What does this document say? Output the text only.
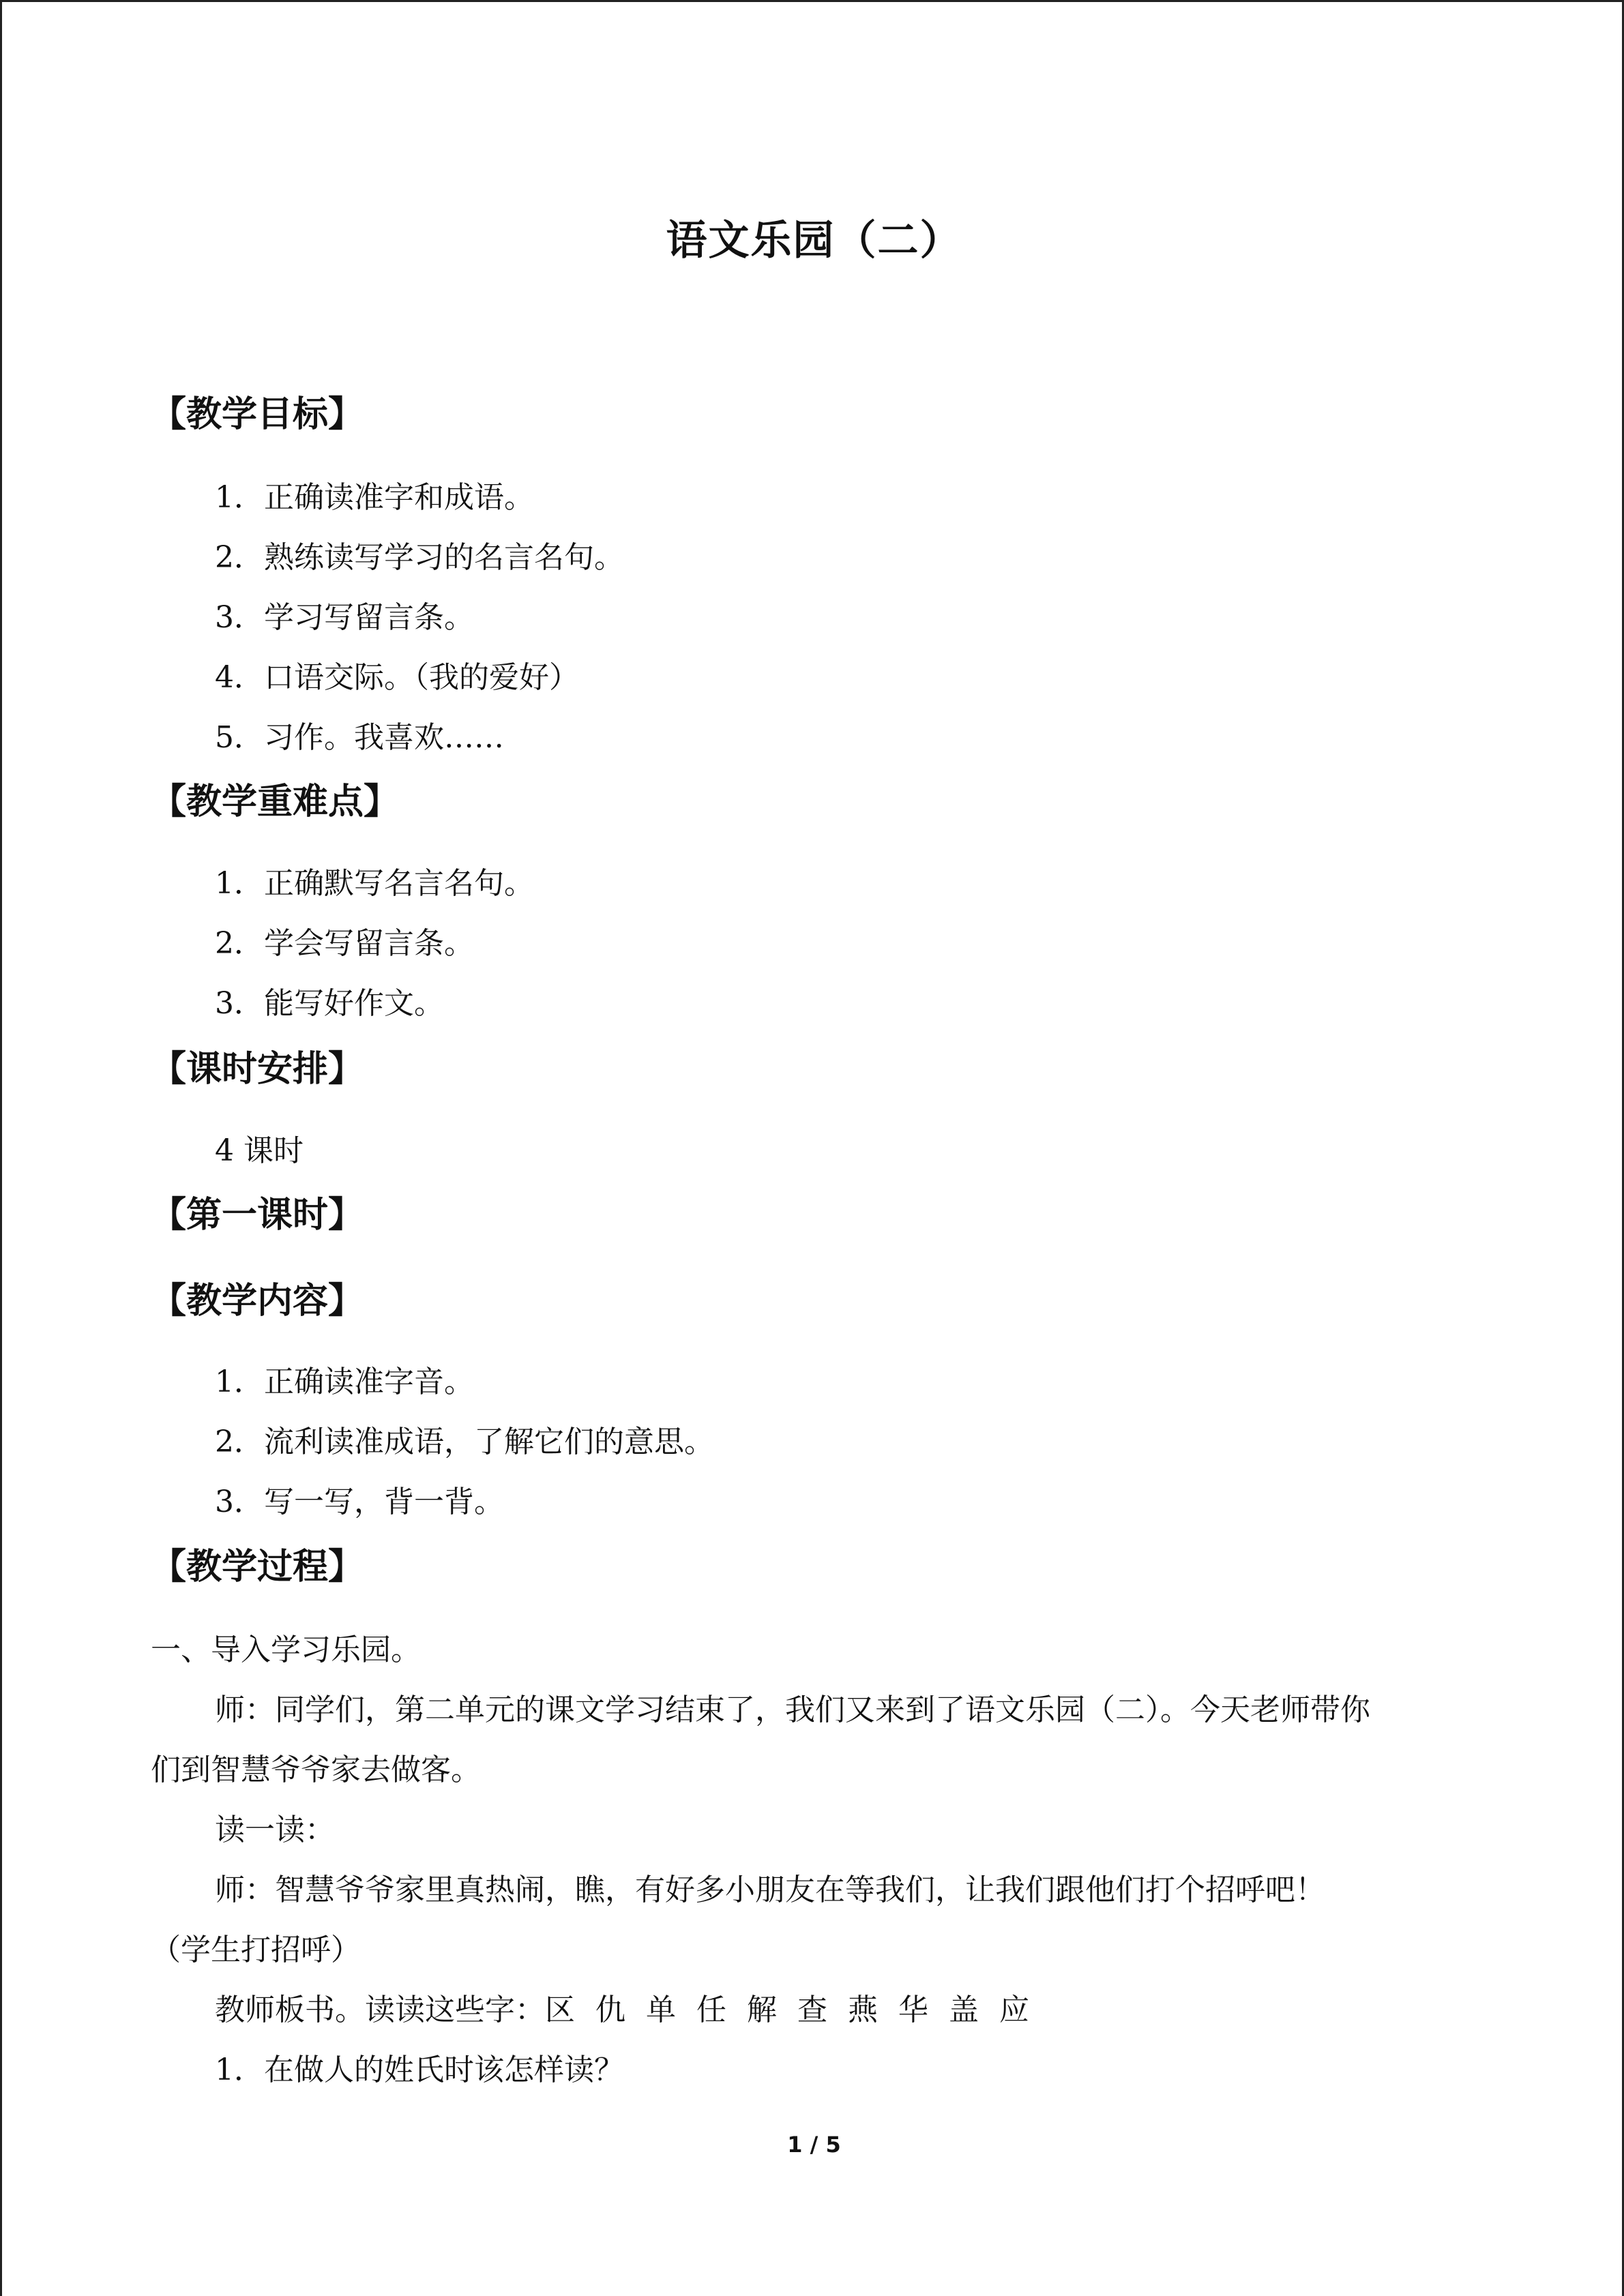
语文乐园（二）
【教学目标】
1．正确读准字和成语。
2．熟练读写学习的名言名句。
3．学习写留言条。
4．口语交际。（我的爱好）
5．习作。我喜欢……
【教学重难点】
1．正确默写名言名句。
2．学会写留言条。
3．能写好作文。
【课时安排】
4 课时
【第一课时】
【教学内容】
1．正确读准字音。
2．流利读准成语，了解它们的意思。
3．写一写，背一背。
【教学过程】
一、导入学习乐园。
师：同学们，第二单元的课文学习结束了，我们又来到了语文乐园（二）。今天老师带你
们到智慧爷爷家去做客。
读一读：
师：智慧爷爷家里真热闹，瞧，有好多小朋友在等我们，让我们跟他们打个招呼吧！
（学生打招呼）
教师板书。读读这些字：区 仇 单 任 解 查 燕 华 盖 应
1．在做人的姓氏时该怎样读？
1 / 5
